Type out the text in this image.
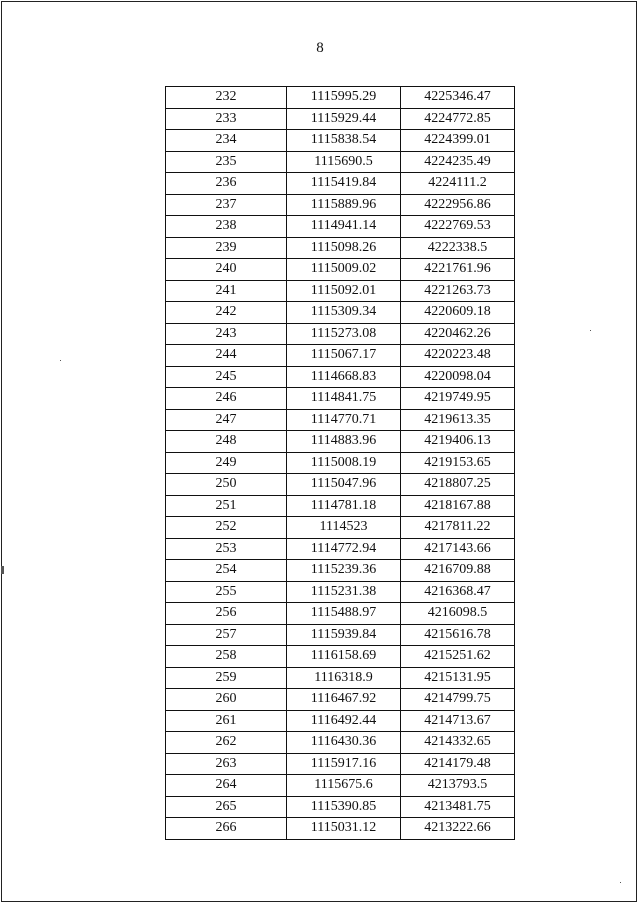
8
232	1115995.29	4225346.47
233	1115929.44	4224772.85
234	1115838.54	4224399.01
235	1115690.5	4224235.49
236	1115419.84	4224111.2
237	1115889.96	4222956.86
238	1114941.14	4222769.53
239	1115098.26	4222338.5
240	1115009.02	4221761.96
241	1115092.01	4221263.73
242	1115309.34	4220609.18
243	1115273.08	4220462.26
244	1115067.17	4220223.48
245	1114668.83	4220098.04
246	1114841.75	4219749.95
247	1114770.71	4219613.35
248	1114883.96	4219406.13
249	1115008.19	4219153.65
250	1115047.96	4218807.25
251	1114781.18	4218167.88
252	1114523	4217811.22
253	1114772.94	4217143.66
254	1115239.36	4216709.88
255	1115231.38	4216368.47
256	1115488.97	4216098.5
257	1115939.84	4215616.78
258	1116158.69	4215251.62
259	1116318.9	4215131.95
260	1116467.92	4214799.75
261	1116492.44	4214713.67
262	1116430.36	4214332.65
263	1115917.16	4214179.48
264	1115675.6	4213793.5
265	1115390.85	4213481.75
266	1115031.12	4213222.66
